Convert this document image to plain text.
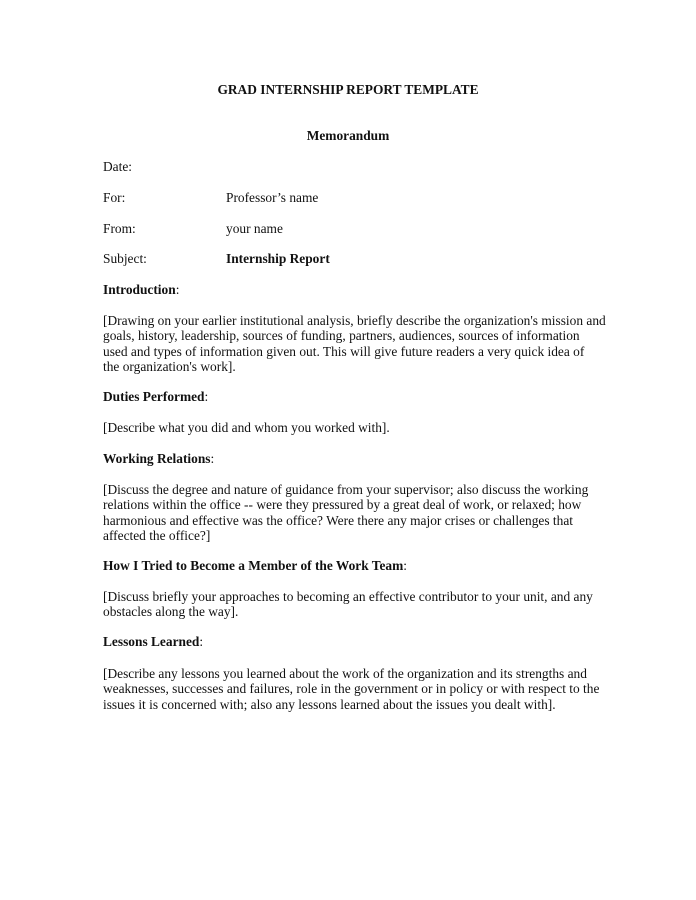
GRAD INTERNSHIP REPORT TEMPLATE
Memorandum
Date:
For:	Professor’s name
From:	your name
Subject:	Internship Report
Introduction:
[Drawing on your earlier institutional analysis, briefly describe the organization's mission and
goals, history, leadership, sources of funding, partners, audiences, sources of information
used and types of information given out. This will give future readers a very quick idea of
the organization's work].
Duties Performed:
[Describe what you did and whom you worked with].
Working Relations:
[Discuss the degree and nature of guidance from your supervisor; also discuss the working
relations within the office -- were they pressured by a great deal of work, or relaxed; how
harmonious and effective was the office? Were there any major crises or challenges that
affected the office?]
How I Tried to Become a Member of the Work Team:
[Discuss briefly your approaches to becoming an effective contributor to your unit, and any
obstacles along the way].
Lessons Learned:
[Describe any lessons you learned about the work of the organization and its strengths and
weaknesses, successes and failures, role in the government or in policy or with respect to the
issues it is concerned with; also any lessons learned about the issues you dealt with].
